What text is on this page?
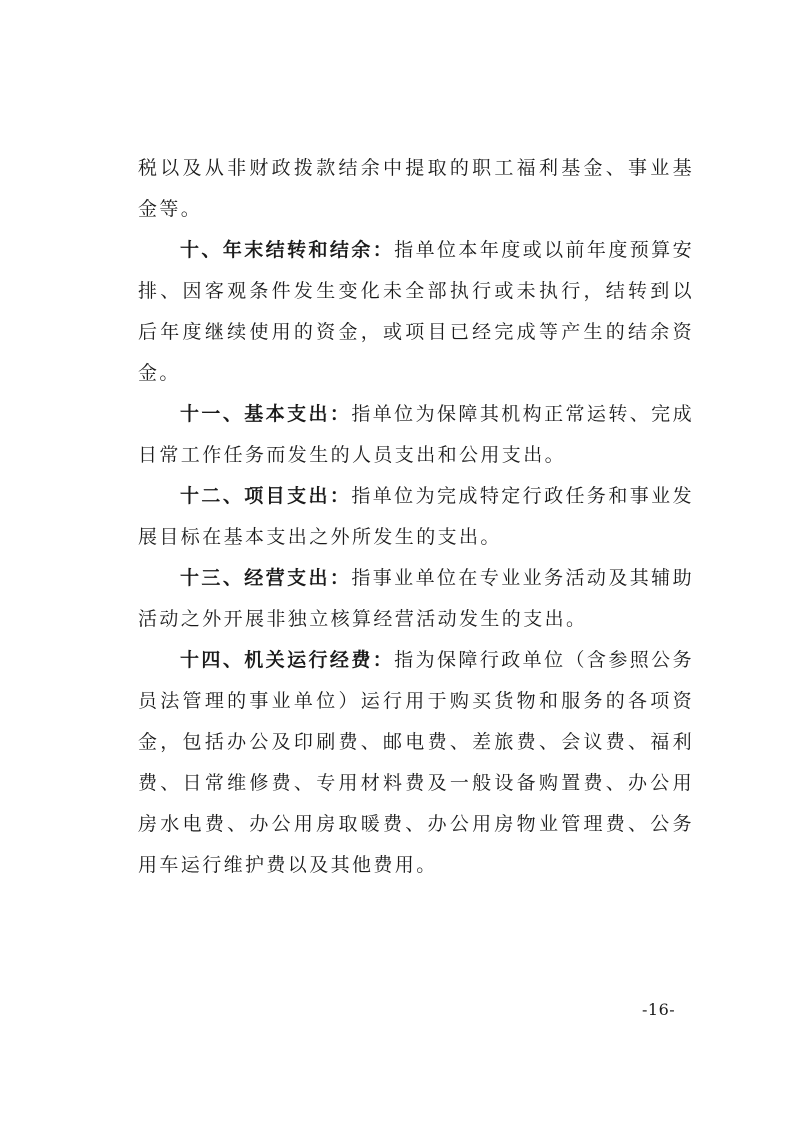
税以及从非财政拨款结余中提取的职工福利基金、事业基金等。

十、年末结转和结余：指单位本年度或以前年度预算安排、因客观条件发生变化未全部执行或未执行，结转到以后年度继续使用的资金，或项目已经完成等产生的结余资金。

十一、基本支出：指单位为保障其机构正常运转、完成日常工作任务而发生的人员支出和公用支出。

十二、项目支出：指单位为完成特定行政任务和事业发展目标在基本支出之外所发生的支出。

十三、经营支出：指事业单位在专业业务活动及其辅助活动之外开展非独立核算经营活动发生的支出。

十四、机关运行经费：指为保障行政单位（含参照公务员法管理的事业单位）运行用于购买货物和服务的各项资金，包括办公及印刷费、邮电费、差旅费、会议费、福利费、日常维修费、专用材料费及一般设备购置费、办公用房水电费、办公用房取暖费、办公用房物业管理费、公务用车运行维护费以及其他费用。

-16-
